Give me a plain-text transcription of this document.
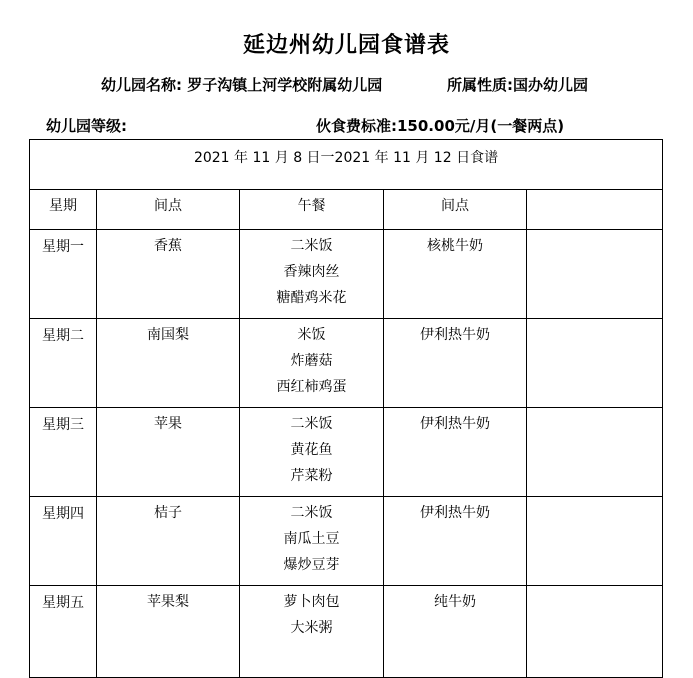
延边州幼儿园食谱表
幼儿园名称: 罗子沟镇上河学校附属幼儿园	所属性质:国办幼儿园
幼儿园等级:	伙食费标准:150.00元/月(一餐两点)
2021 年 11 月 8 日一2021 年 11 月 12 日食谱				
星期	间点	午餐	间点	
星期一	香蕉	二米饭
香辣肉丝
糖醋鸡米花	核桃牛奶	

星期二	南国梨	米饭
炸蘑菇
西红柿鸡蛋	伊利热牛奶	

星期三	苹果	二米饭
黄花鱼
芹菜粉	伊利热牛奶	

星期四	桔子	二米饭
南瓜土豆
爆炒豆芽	伊利热牛奶	

星期五	苹果梨	萝卜肉包
大米粥	纯牛奶	
